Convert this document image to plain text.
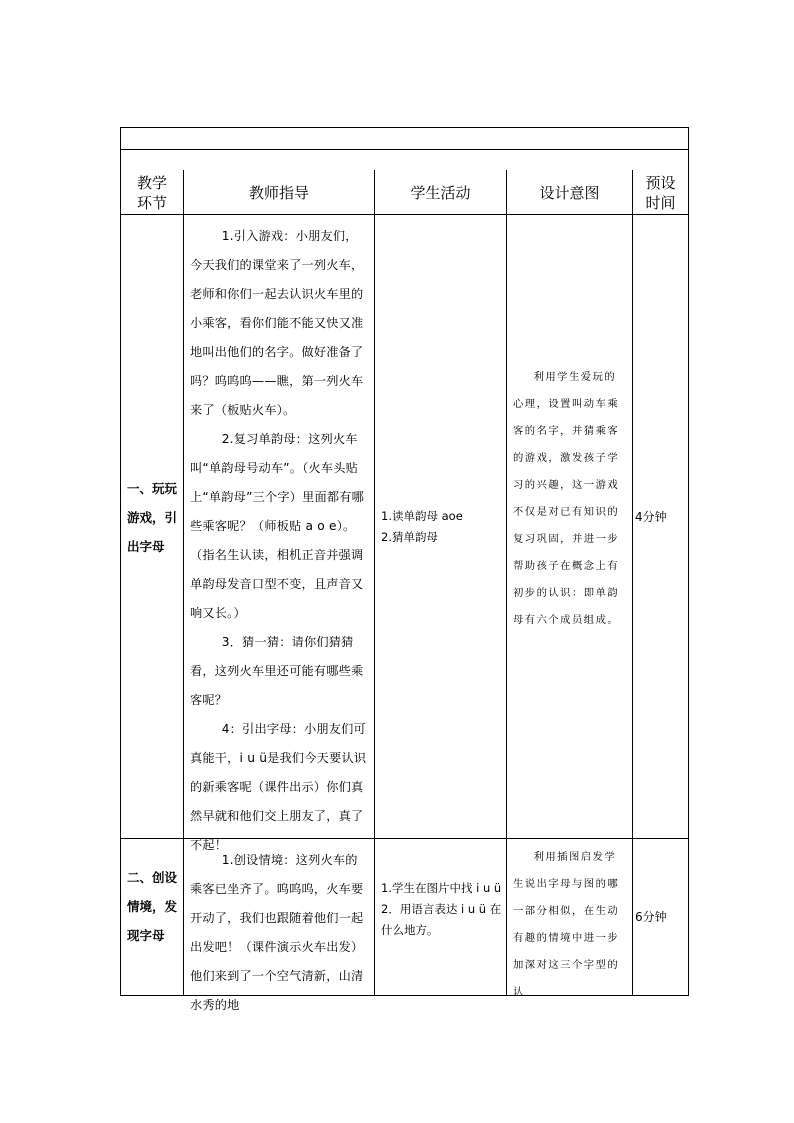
教学
环节
教师指导	学生活动	设计意图
预设
时间
一、玩玩游戏，引出字母

1.引入游戏：小朋友们，今天我们的课堂来了一列火车，老师和你们一起去认识火车里的小乘客，看你们能不能又快又准地叫出他们的名字。做好准备了吗？呜呜呜——瞧，第一列火车来了（板贴火车）。

2.复习单韵母：这列火车叫“单韵母号动车”。（火车头贴上“单韵母”三个字）里面都有哪些乘客呢？（师板贴 a o e）。（指名生认读，相机正音并强调单韵母发音口型不变，且声音又响又长。）

3．猜一猜：请你们猜猜看，这列火车里还可能有哪些乘客呢？

4：引出字母：小朋友们可真能干，i u ü是我们今天要认识的新乘客呢（课件出示）你们真然早就和他们交上朋友了，真了不起！

1.读单韵母 aoe

2.猜单韵母

利用学生爱玩的心理，设置叫动车乘客的名字，并猜乘客的游戏，激发孩子学习的兴趣，这一游戏不仅是对已有知识的复习巩固，并进一步帮助孩子在概念上有初步的认识：即单韵母有六个成员组成。
4分钟
二、创设情境，发现字母

1.创设情境：这列火车的乘客已坐齐了。呜呜呜，火车要开动了，我们也跟随着他们一起出发吧！（课件演示火车出发）他们来到了一个空气清新，山清水秀的地

1.学生在图片中找 i u ü

2．用语言表达 i u ü 在什么地方。

利用插图启发学生说出字母与图的哪一部分相似，在生动有趣的情境中进一步加深对这三个字型的认
6分钟
